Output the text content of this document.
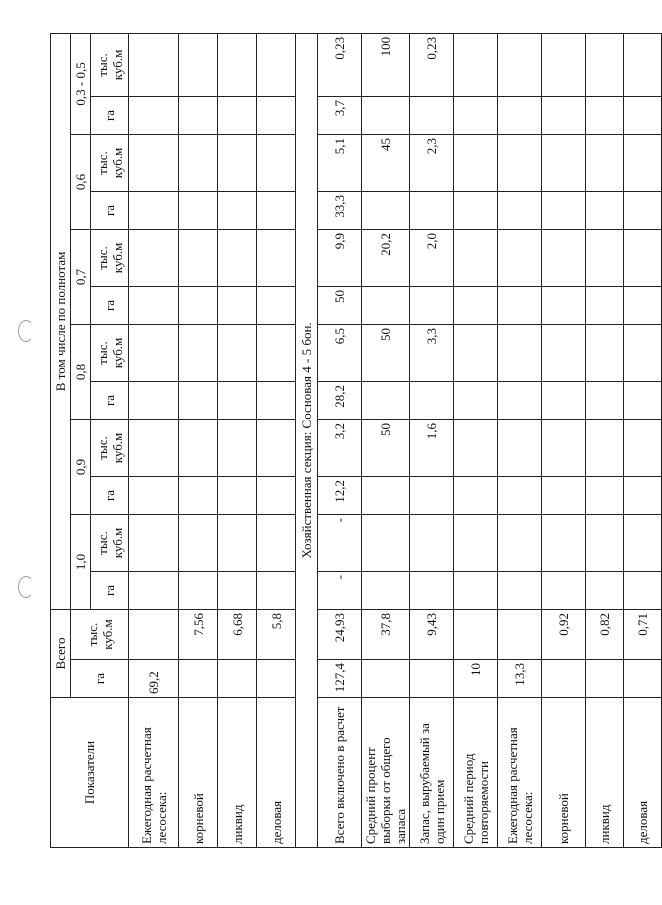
Показатели	Всего		В том числе по полнотам											
	га	тыс. куб.м	1,0		0,9		0,8		0,7		0,6		0,3 - 0,5	
			га	тыс. куб.м	га	тыс. куб.м	га	тыс. куб.м	га	тыс. куб.м	га	тыс. куб.м	га	тыс. куб.м
Ежегодная расчетная лесосека:	69,2													
корневой		7,56												
ликвид		6,68												
деловая		5,8												
Хозяйственная секция: Сосновая 4 - 5 бон.														
Всего включено в расчет	127,4	24,93	-	-	12,2	3,2	28,2	6,5	50	9,9	33,3	5,1	3,7	0,23
Средний процент выборки от общего запаса		37,8				50		50		20,2		45		100
Запас, вырубаемый за один прием		9,43				1,6		3,3		2,0		2,3		0,23
Средний период повторяемости	10													
Ежегодная расчетная лесосека:	13,3													
корневой		0,92												
ликвид		0,82												
деловая		0,71												
